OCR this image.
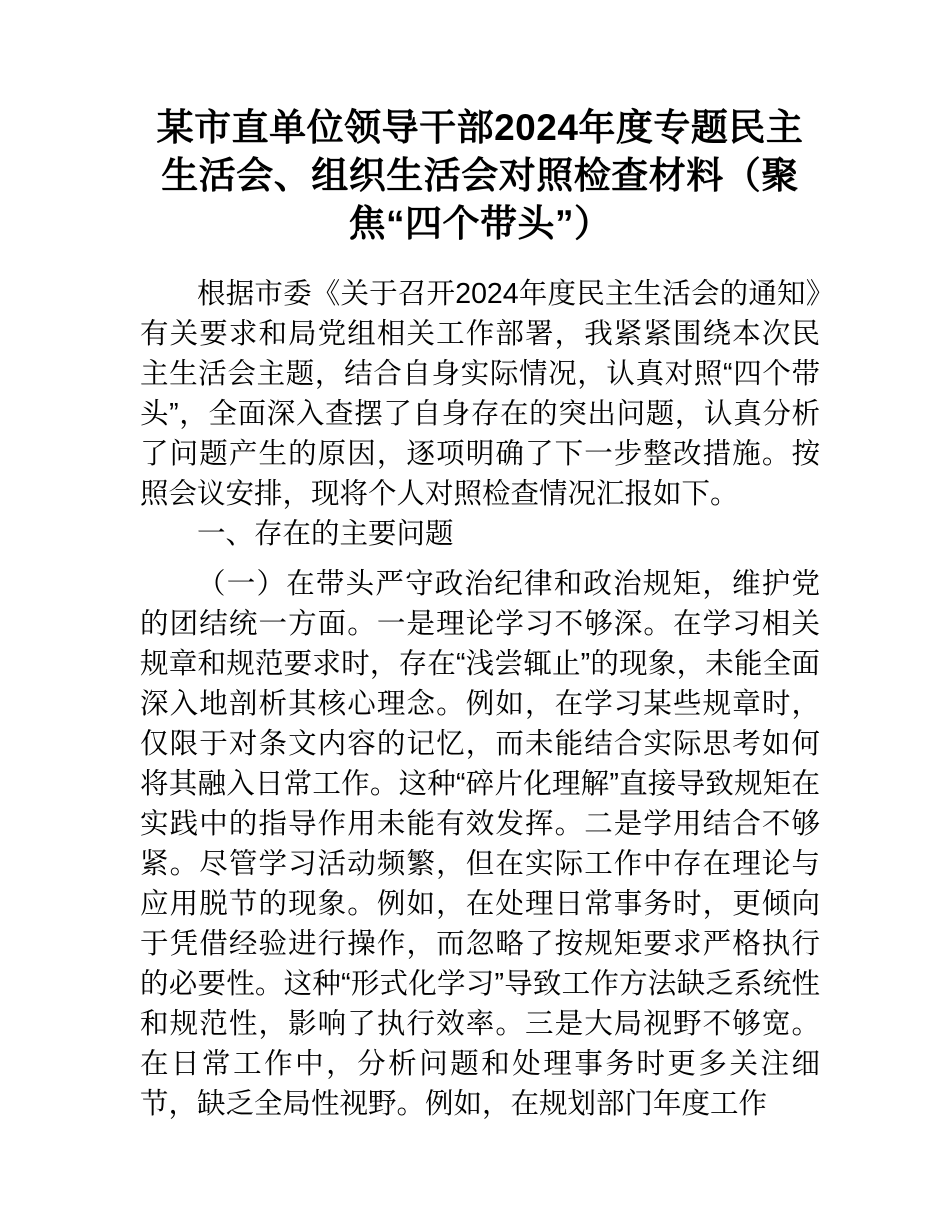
某市直单位领导干部2024年度专题民主生活会、组织生活会对照检查材料（聚焦“四个带头”）

根据市委《关于召开2024年度民主生活会的通知》有关要求和局党组相关工作部署，我紧紧围绕本次民主生活会主题，结合自身实际情况，认真对照“四个带头”，全面深入查摆了自身存在的突出问题，认真分析了问题产生的原因，逐项明确了下一步整改措施。按照会议安排，现将个人对照检查情况汇报如下。

一、存在的主要问题

（一）在带头严守政治纪律和政治规矩，维护党的团结统一方面。一是理论学习不够深。在学习相关规章和规范要求时，存在“浅尝辄止”的现象，未能全面深入地剖析其核心理念。例如，在学习某些规章时，仅限于对条文内容的记忆，而未能结合实际思考如何将其融入日常工作。这种“碎片化理解”直接导致规矩在实践中的指导作用未能有效发挥。二是学用结合不够紧。尽管学习活动频繁，但在实际工作中存在理论与应用脱节的现象。例如，在处理日常事务时，更倾向于凭借经验进行操作，而忽略了按规矩要求严格执行的必要性。这种“形式化学习”导致工作方法缺乏系统性和规范性，影响了执行效率。三是大局视野不够宽。在日常工作中，分析问题和处理事务时更多关注细节，缺乏全局性视野。例如，在规划部门年度工作
